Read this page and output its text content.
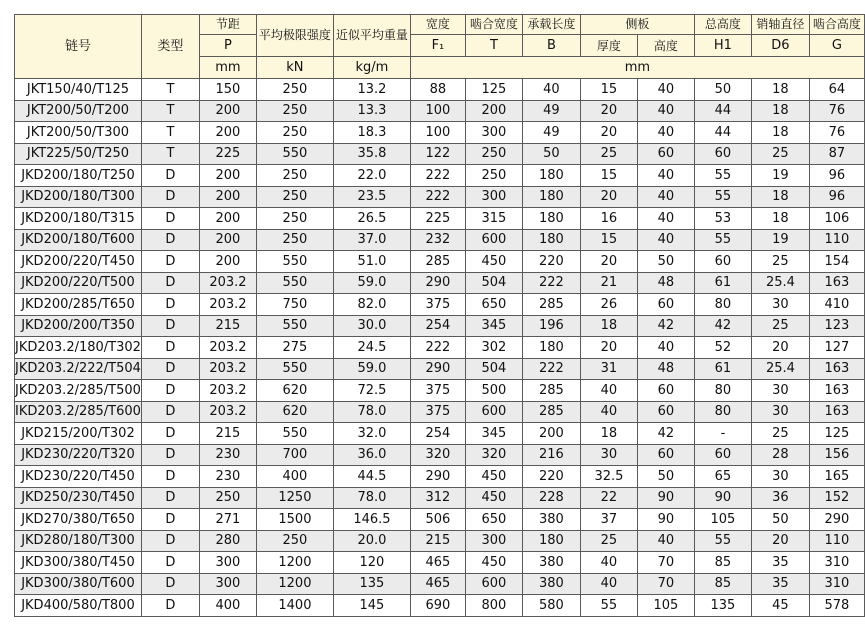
链号	类型	节距	平均极限强度	近似平均重量	宽度	啮合宽度	承载长度	侧板		总高度	销轴直径	啮合高度
		P			F₁	T	B	厚度	高度	H1	D6	G
		mm	kN	kg/m	mm							
JKT150/40/T125	T	150	250	13.2	88	125	40	15	40	50	18	64
JKT200/50/T200	T	200	250	13.3	100	200	49	20	40	44	18	76
JKT200/50/T300	T	200	250	18.3	100	300	49	20	40	44	18	76
JKT225/50/T250	T	225	550	35.8	122	250	50	25	60	60	25	87
JKD200/180/T250	D	200	250	22.0	222	250	180	15	40	55	19	96
JKD200/180/T300	D	200	250	23.5	222	300	180	20	40	55	18	96
JKD200/180/T315	D	200	250	26.5	225	315	180	16	40	53	18	106
JKD200/180/T600	D	200	250	37.0	232	600	180	15	40	55	19	110
JKD200/220/T450	D	200	550	51.0	285	450	220	20	50	60	25	154
JKD200/220/T500	D	203.2	550	59.0	290	504	222	21	48	61	25.4	163
JKD200/285/T650	D	203.2	750	82.0	375	650	285	26	60	80	30	410
JKD200/200/T350	D	215	550	30.0	254	345	196	18	42	42	25	123
JKD203.2/180/T302	D	203.2	275	24.5	222	302	180	20	40	52	20	127
JKD203.2/222/T504	D	203.2	550	59.0	290	504	222	31	48	61	25.4	163
JKD203.2/285/T500	D	203.2	620	72.5	375	500	285	40	60	80	30	163
IKD203.2/285/T600	D	203.2	620	78.0	375	600	285	40	60	80	30	163
JKD215/200/T302	D	215	550	32.0	254	345	200	18	42	-	25	125
JKD230/220/T320	D	230	700	36.0	320	320	216	30	60	60	28	156
JKD230/220/T450	D	230	400	44.5	290	450	220	32.5	50	65	30	165
JKD250/230/T450	D	250	1250	78.0	312	450	228	22	90	90	36	152
JKD270/380/T650	D	271	1500	146.5	506	650	380	37	90	105	50	290
JKD280/180/T300	D	280	250	20.0	215	300	180	25	40	55	20	110
JKD300/380/T450	D	300	1200	120	465	450	380	40	70	85	35	310
JKD300/380/T600	D	300	1200	135	465	600	380	40	70	85	35	310
JKD400/580/T800	D	400	1400	145	690	800	580	55	105	135	45	578
